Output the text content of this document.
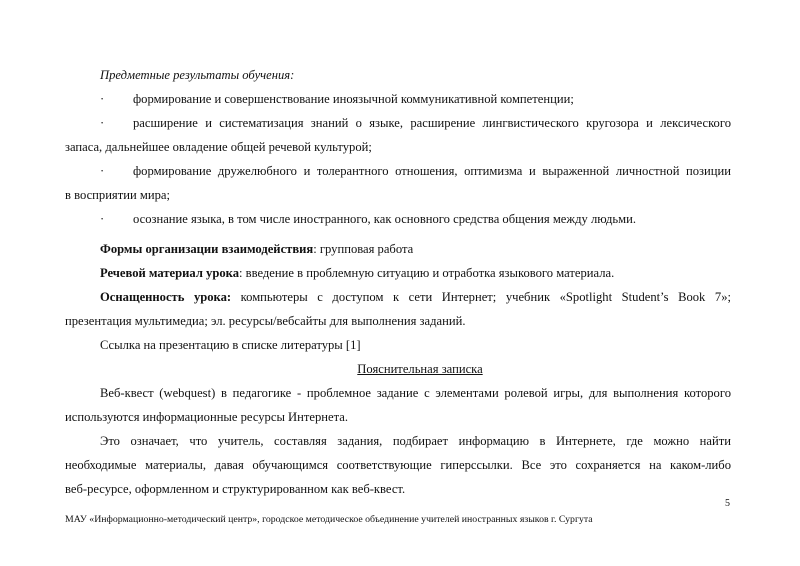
Предметные результаты обучения:
· формирование и совершенствование иноязычной коммуникативной компетенции;
· расширение и систематизация знаний о языке, расширение лингвистического кругозора и лексического
запаса, дальнейшее овладение общей речевой культурой;
· формирование дружелюбного и толерантного отношения, оптимизма и выраженной личностной позиции
в восприятии мира;
· осознание языка, в том числе иностранного, как основного средства общения между людьми.
Формы организации взаимодействия: групповая работа
Речевой материал урока: введение в проблемную ситуацию и отработка языкового материала.
Оснащенность урока: компьютеры с доступом к сети Интернет; учебник «Spotlight Student’s Book 7»;
презентация мультимедиа; эл. ресурсы/вебсайты для выполнения заданий.
Ссылка на презентацию в списке литературы [1]
Пояснительная записка
Веб-квест (webquest) в педагогике - проблемное задание с элементами ролевой игры, для выполнения которого
используются информационные ресурсы Интернета.
Это означает, что учитель, составляя задания, подбирает информацию в Интернете, где можно найти
необходимые материалы, давая обучающимся соответствующие гиперссылки. Все это сохраняется на каком-либо
веб-ресурсе, оформленном и структурированном как веб-квест.
5
МАУ «Информационно-методический центр», городское методическое объединение учителей иностранных языков г. Сургута
